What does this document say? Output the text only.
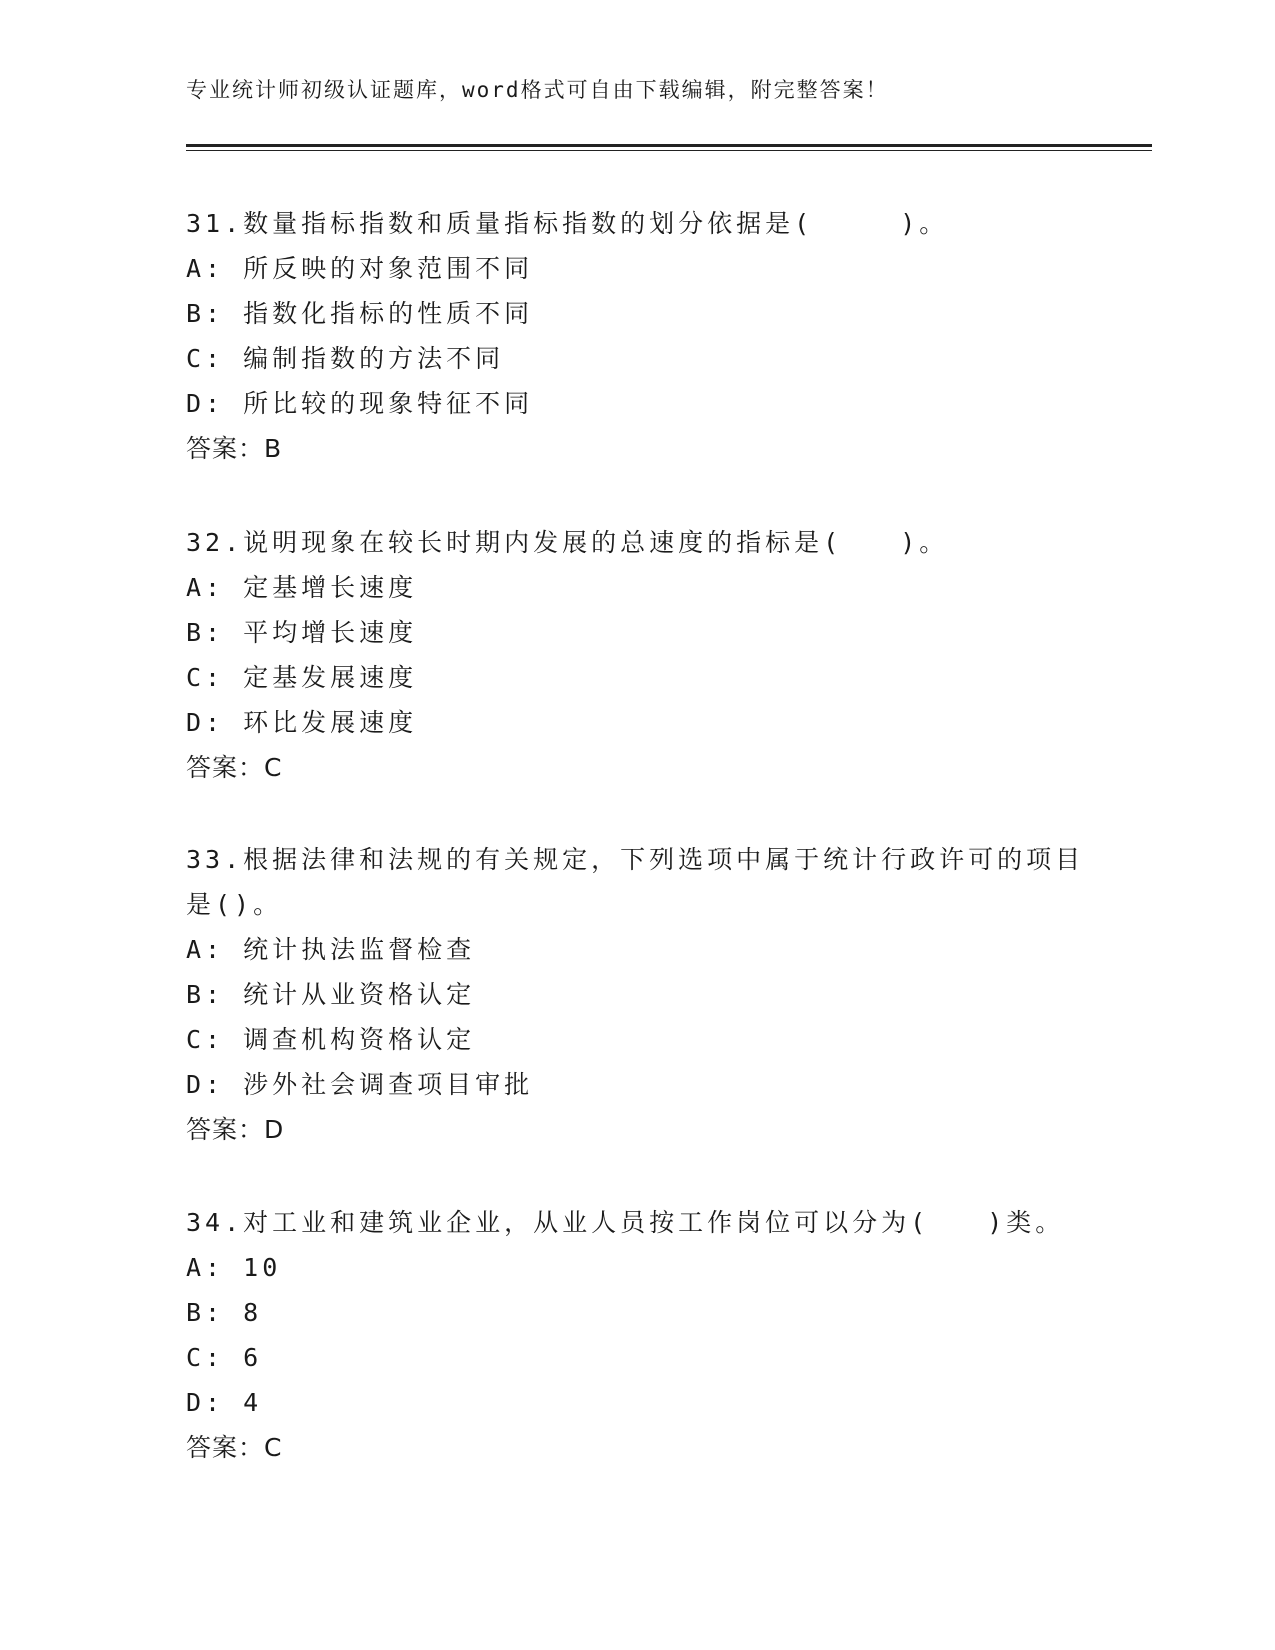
专业统计师初级认证题库，word格式可自由下载编辑，附完整答案！
31.数量指标指数和质量指标指数的划分依据是(　　　)。
A: 所反映的对象范围不同
B: 指数化指标的性质不同
C: 编制指数的方法不同
D: 所比较的现象特征不同
答案：B
32.说明现象在较长时期内发展的总速度的指标是(　　)。
A: 定基增长速度
B: 平均增长速度
C: 定基发展速度
D: 环比发展速度
答案：C
33.根据法律和法规的有关规定，下列选项中属于统计行政许可的项目是()。
A: 统计执法监督检查
B: 统计从业资格认定
C: 调查机构资格认定
D: 涉外社会调查项目审批
答案：D
34.对工业和建筑业企业，从业人员按工作岗位可以分为(　　)类。
A: 10
B: 8
C: 6
D: 4
答案：C
